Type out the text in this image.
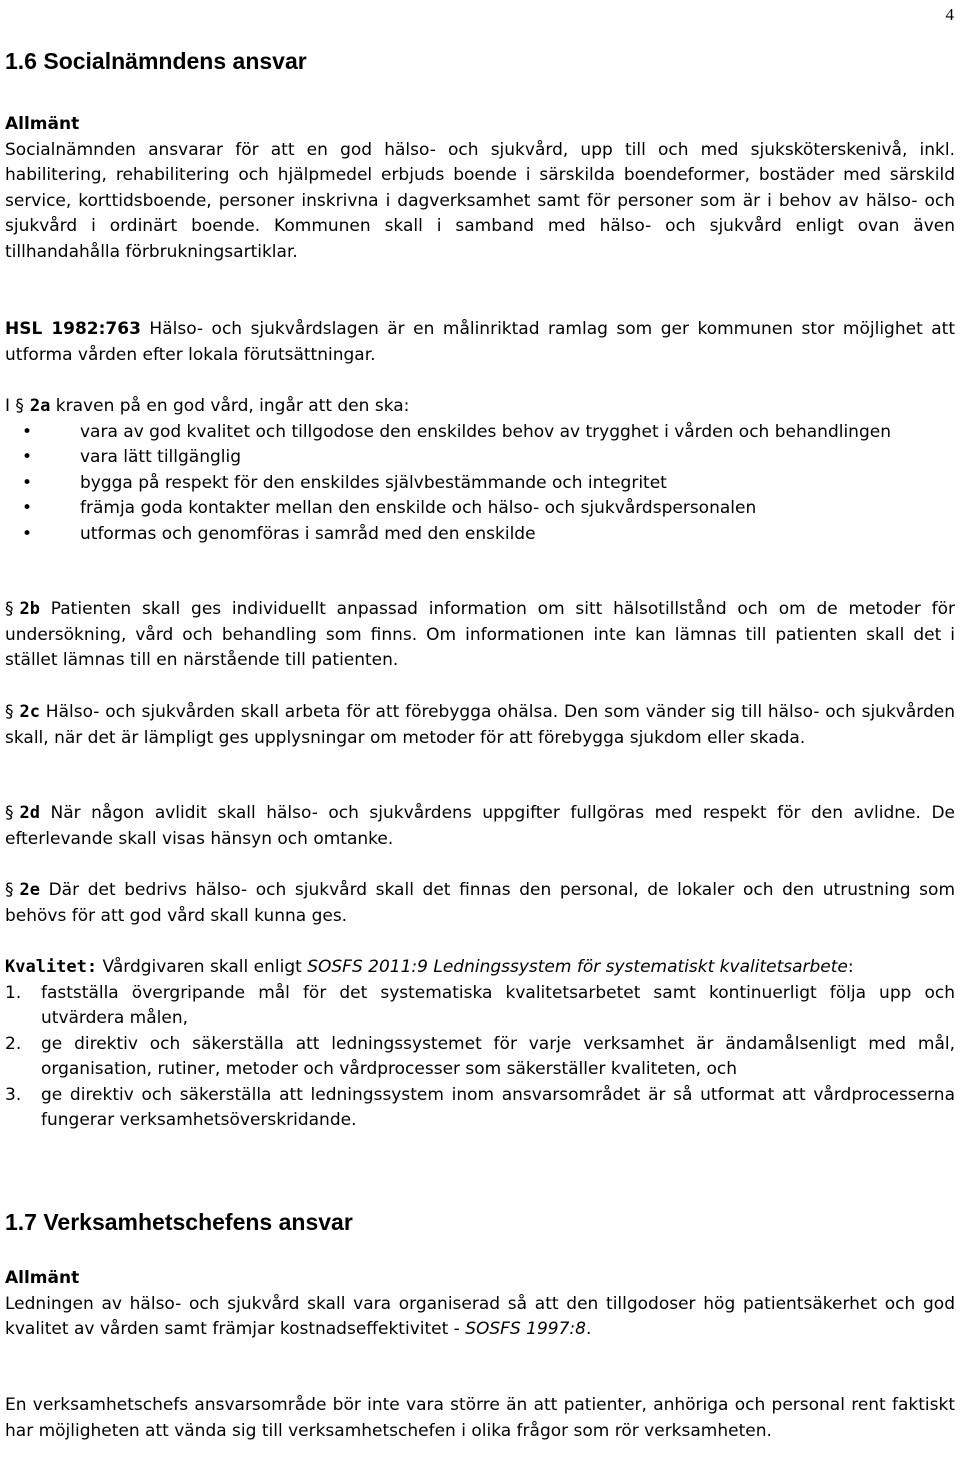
4
1.6 Socialnämndens ansvar
Allmänt

Socialnämnden ansvarar för att en god hälso- och sjukvård, upp till och med sjuksköterskenivå, inkl. habilitering, rehabilitering och hjälpmedel erbjuds boende i särskilda boendeformer, bostäder med särskild service, korttidsboende, personer inskrivna i dagverksamhet samt för personer som är i behov av hälso- och sjukvård i ordinärt boende. Kommunen skall i samband med hälso- och sjukvård enligt ovan även tillhandahålla förbrukningsartiklar.

HSL 1982:763 Hälso- och sjukvårdslagen är en målinriktad ramlag som ger kommunen stor möjlighet att utforma vården efter lokala förutsättningar.

I § 2a kraven på en god vård, ingår att den ska:

• vara av god kvalitet och tillgodose den enskildes behov av trygghet i vården och behandlingen
• vara lätt tillgänglig
• bygga på respekt för den enskildes självbestämmande och integritet
• främja goda kontakter mellan den enskilde och hälso- och sjukvårdspersonalen
• utformas och genomföras i samråd med den enskilde

§ 2b Patienten skall ges individuellt anpassad information om sitt hälsotillstånd och om de metoder för undersökning, vård och behandling som finns. Om informationen inte kan lämnas till patienten skall det i stället lämnas till en närstående till patienten.

§ 2c Hälso- och sjukvården skall arbeta för att förebygga ohälsa. Den som vänder sig till hälso- och sjukvården skall, när det är lämpligt ges upplysningar om metoder för att förebygga sjukdom eller skada.

§ 2d När någon avlidit skall hälso- och sjukvårdens uppgifter fullgöras med respekt för den avlidne. De efterlevande skall visas hänsyn och omtanke.

§ 2e Där det bedrivs hälso- och sjukvård skall det finnas den personal, de lokaler och den utrustning som behövs för att god vård skall kunna ges.

Kvalitet: Vårdgivaren skall enligt SOSFS 2011:9 Ledningssystem för systematiskt kvalitetsarbete:

1. fastställa övergripande mål för det systematiska kvalitetsarbetet samt kontinuerligt följa upp och utvärdera målen,
2. ge direktiv och säkerställa att ledningssystemet för varje verksamhet är ändamålsenligt med mål, organisation, rutiner, metoder och vårdprocesser som säkerställer kvaliteten, och
3. ge direktiv och säkerställa att ledningssystem inom ansvarsområdet är så utformat att vårdprocesserna fungerar verksamhetsöverskridande.
1.7 Verksamhetschefens ansvar
Allmänt

Ledningen av hälso- och sjukvård skall vara organiserad så att den tillgodoser hög patientsäkerhet och god kvalitet av vården samt främjar kostnadseffektivitet - SOSFS 1997:8.

En verksamhetschefs ansvarsområde bör inte vara större än att patienter, anhöriga och personal rent faktiskt har möjligheten att vända sig till verksamhetschefen i olika frågor som rör verksamheten.
